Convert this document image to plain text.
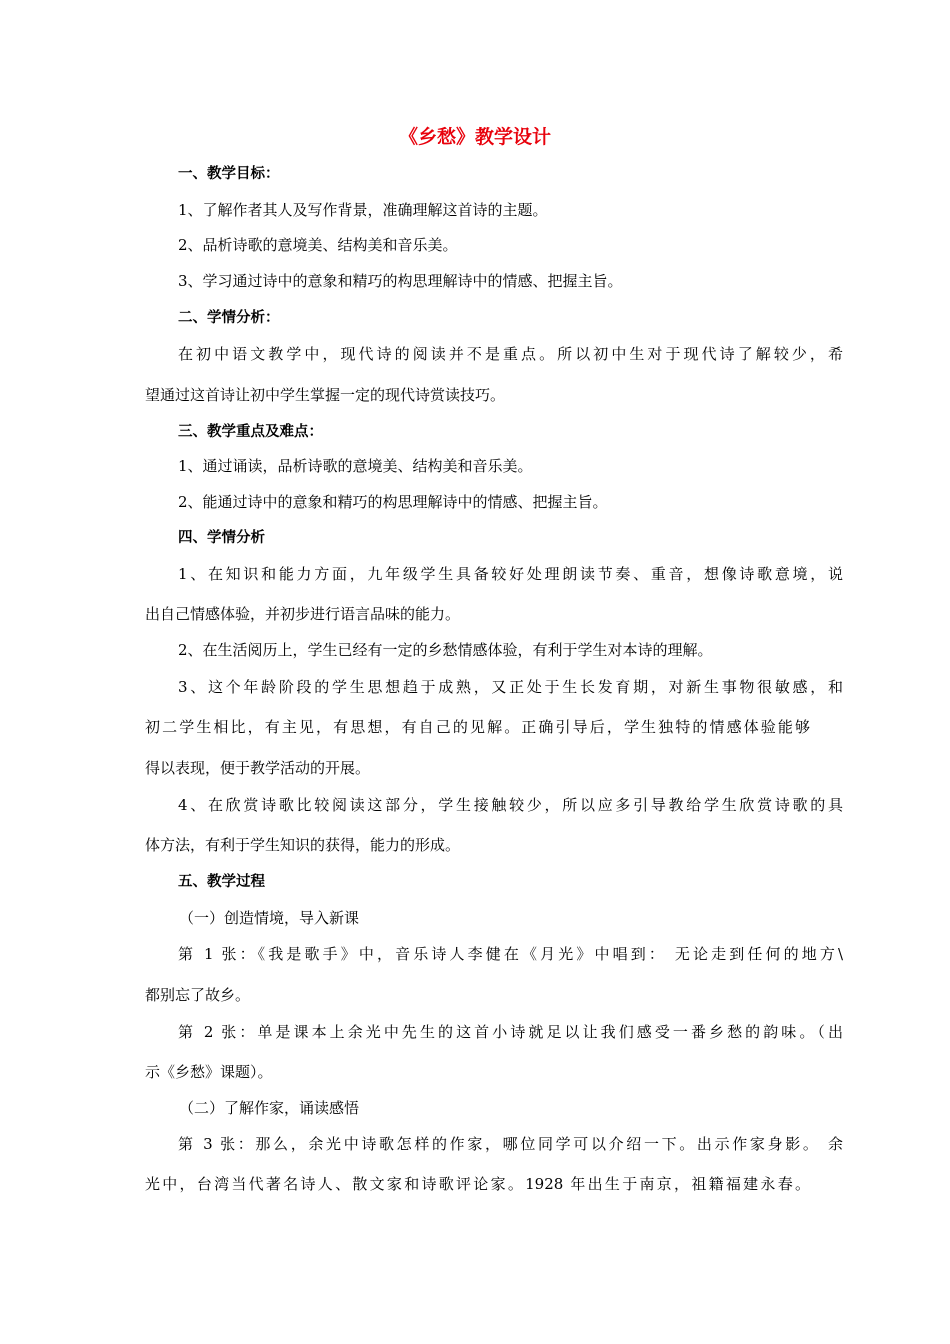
《乡愁》教学设计
一、教学目标：
1、了解作者其人及写作背景，准确理解这首诗的主题。
2、品析诗歌的意境美、结构美和音乐美。
3、学习通过诗中的意象和精巧的构思理解诗中的情感、把握主旨。
二、学情分析：
在初中语文教学中，现代诗的阅读并不是重点。所以初中生对于现代诗了解较少，希
望通过这首诗让初中学生掌握一定的现代诗赏读技巧。
三、教学重点及难点：
1、通过诵读，品析诗歌的意境美、结构美和音乐美。
2、能通过诗中的意象和精巧的构思理解诗中的情感、把握主旨。
四、学情分析
1、在知识和能力方面，九年级学生具备较好处理朗读节奏、重音，想像诗歌意境，说
出自己情感体验，并初步进行语言品味的能力。
2、在生活阅历上，学生已经有一定的乡愁情感体验，有利于学生对本诗的理解。
3、这个年龄阶段的学生思想趋于成熟，又正处于生长发育期，对新生事物很敏感，和
初二学生相比，有主见，有思想，有自己的见解。正确引导后，学生独特的情感体验能够
得以表现，便于教学活动的开展。
4、在欣赏诗歌比较阅读这部分，学生接触较少，所以应多引导教给学生欣赏诗歌的具
体方法，有利于学生知识的获得，能力的形成。
五、教学过程
（一）创造情境，导入新课
第 1 张：《我是歌手》中，音乐诗人李健在《月光》中唱到： 无论走到任何的地方\
都别忘了故乡。
第 2 张：单是课本上余光中先生的这首小诗就足以让我们感受一番乡愁的韵味。（出
示《乡愁》课题）。
（二）了解作家，诵读感悟
第 3 张：那么，余光中诗歌怎样的作家，哪位同学可以介绍一下。出示作家身影。 余
光中，台湾当代著名诗人、散文家和诗歌评论家。1928 年出生于南京，祖籍福建永春。
